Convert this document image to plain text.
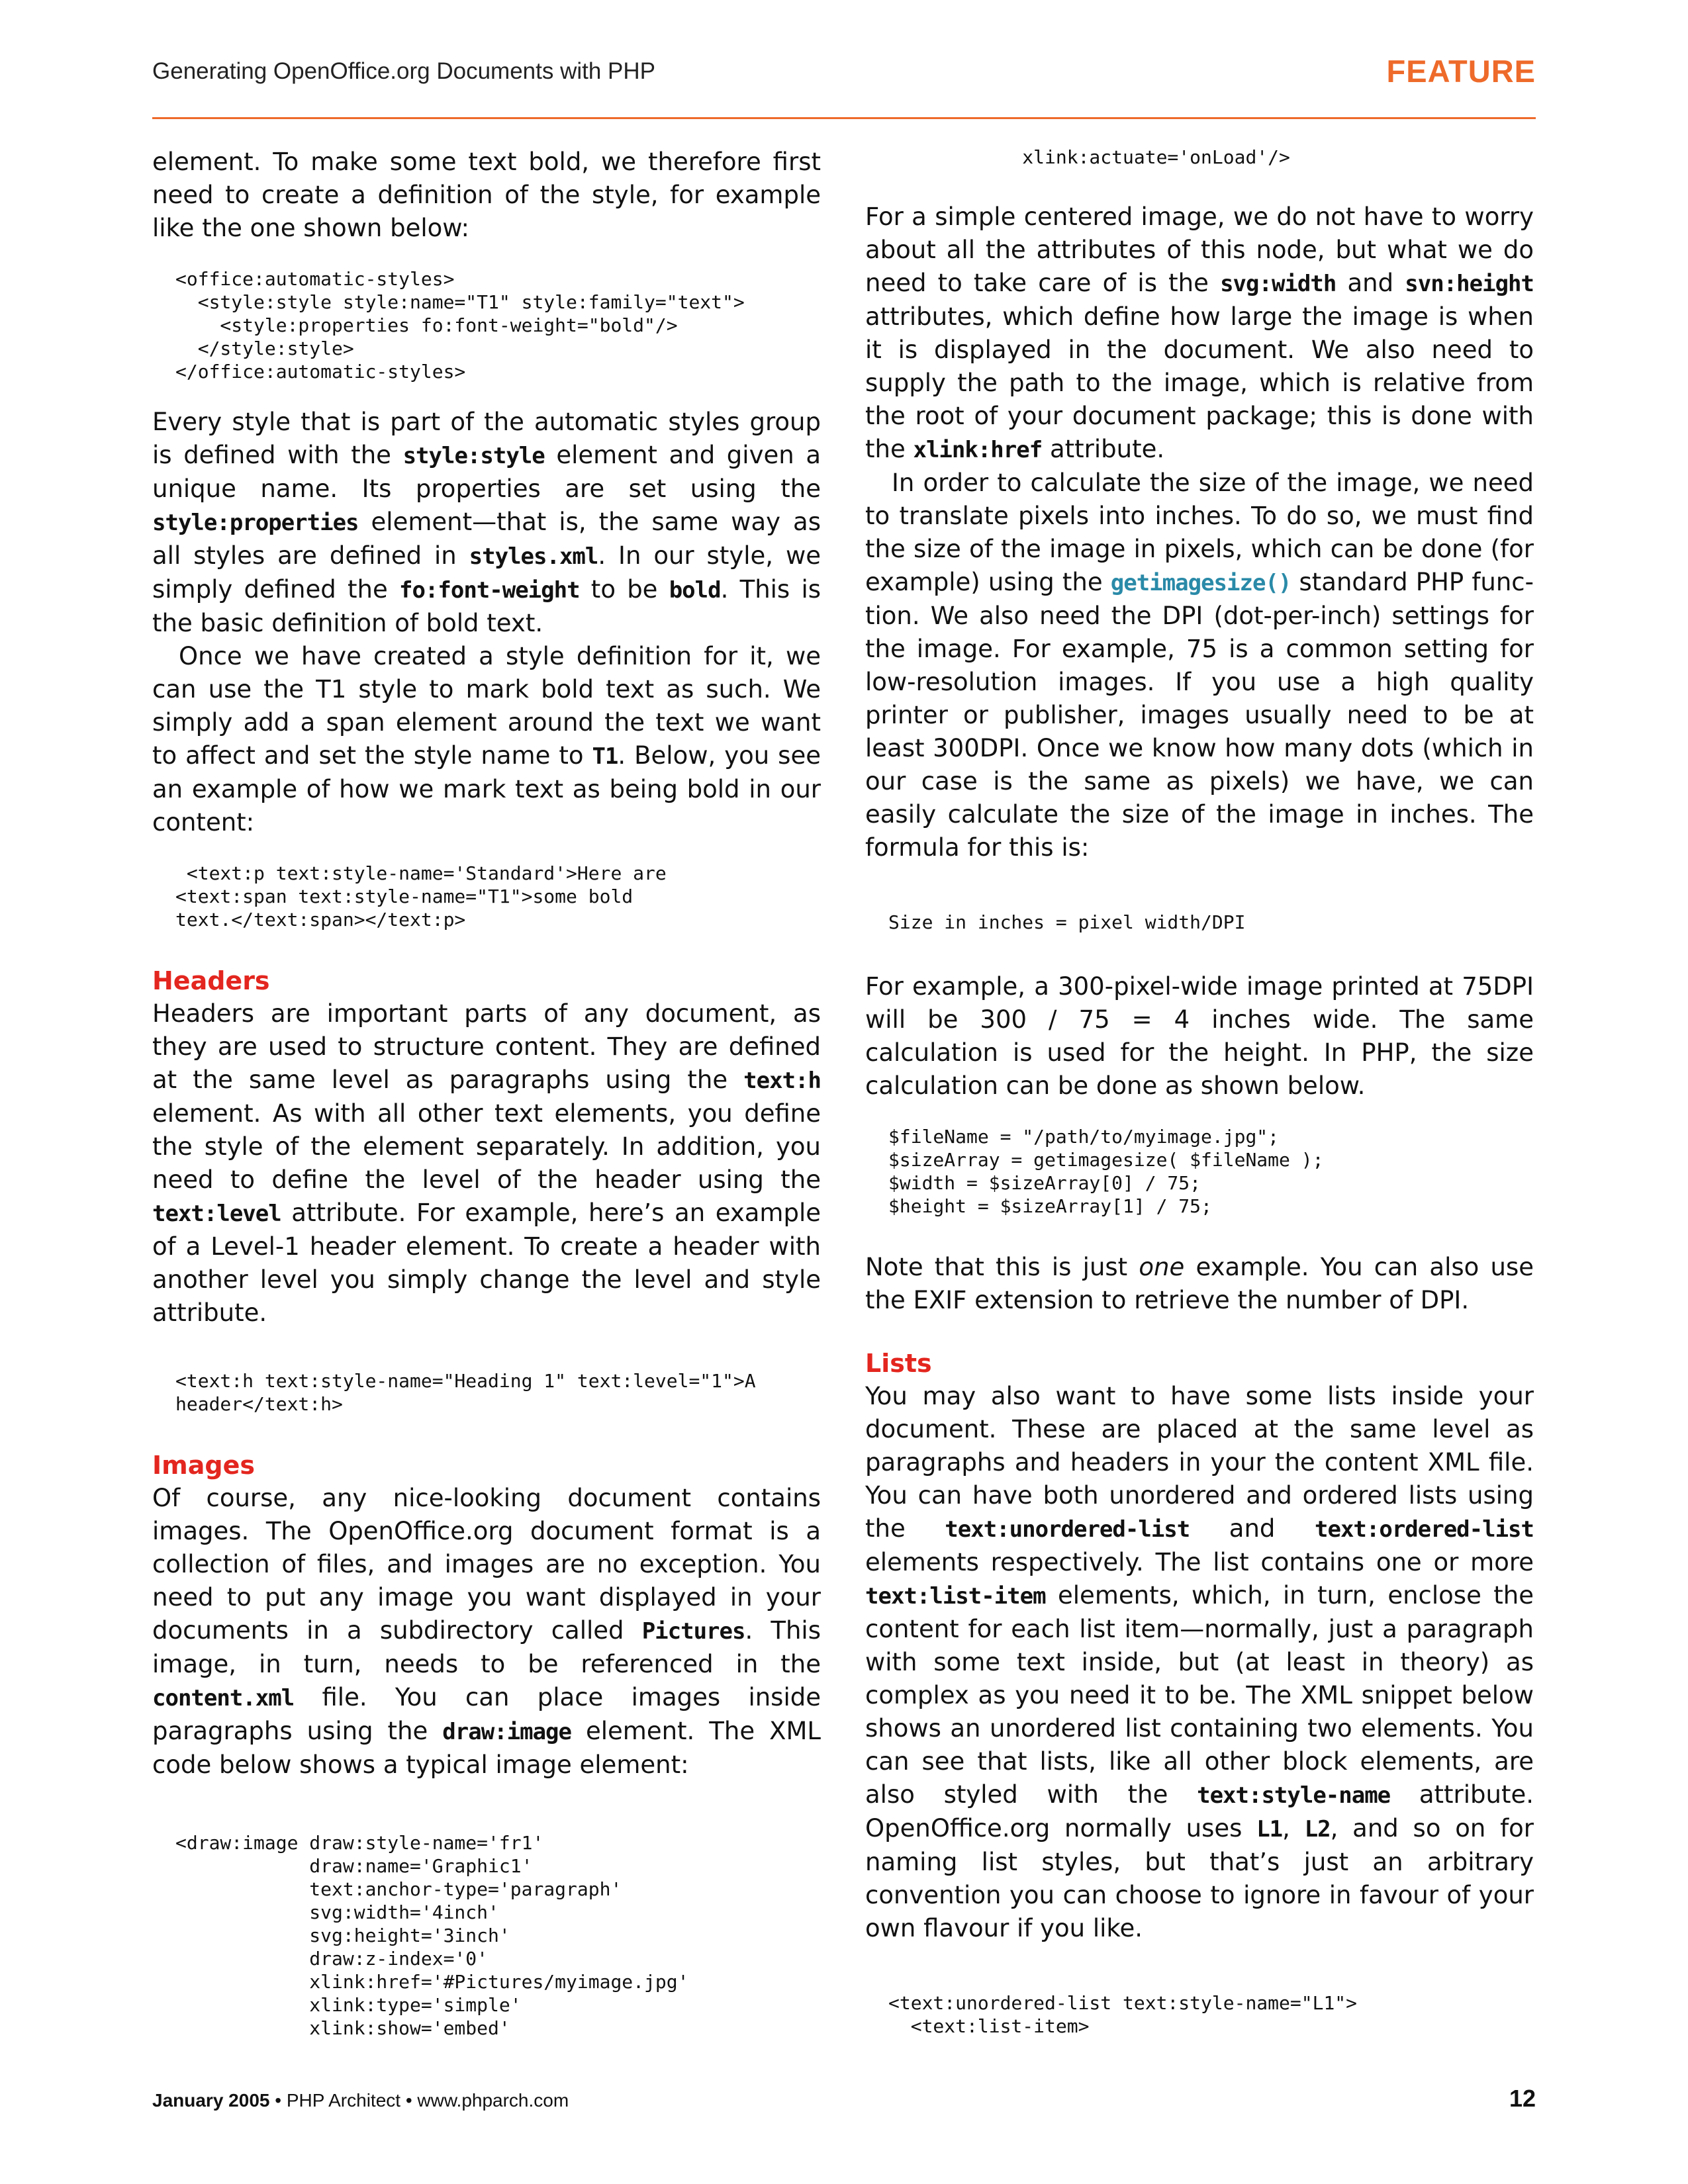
Generating OpenOffice.org Documents with PHP	FEATURE

element. To make some text bold, we therefore first need to create a definition of the style, for example like the one shown below:

<office:automatic-styles>
<style:style style:name="T1" style:family="text">
<style:properties fo:font-weight="bold"/>
</style:style>
</office:automatic-styles>

Every style that is part of the automatic styles group is defined with the style:style element and given a unique name. Its properties are set using the style:properties element—that is, the same way as all styles are defined in styles.xml. In our style, we simply defined the fo:font-weight to be bold. This is the basic definition of bold text.

Once we have created a style definition for it, we can use the T1 style to mark bold text as such. We simply add a span element around the text we want to affect and set the style name to T1. Below, you see an example of how we mark text as being bold in our content:

<text:p text:style-name='Standard'>Here are
<text:span text:style-name="T1">some bold
text.</text:span></text:p>
Headers

Headers are important parts of any document, as they are used to structure content. They are defined at the same level as paragraphs using the text:h element. As with all other text elements, you define the style of the element separately. In addition, you need to define the level of the header using the text:level attribute. For example, here’s an example of a Level-1 header element. To create a header with another level you simply change the level and style attribute.

<text:h text:style-name="Heading 1" text:level="1">A
header</text:h>
Images

Of course, any nice-looking document contains images. The OpenOffice.org document format is a collection of files, and images are no exception. You need to put any image you want displayed in your documents in a subdirectory called Pictures. This image, in turn, needs to be referenced in the content.xml file. You can place images inside paragraphs using the draw:image element. The XML code below shows a typical image element:

<draw:image draw:style-name='fr1'
draw:name='Graphic1'
text:anchor-type='paragraph'
svg:width='4inch'
svg:height='3inch'
draw:z-index='0'
xlink:href='#Pictures/myimage.jpg'
xlink:type='simple'
xlink:show='embed'
xlink:actuate='onLoad'/>

For a simple centered image, we do not have to worry about all the attributes of this node, but what we do need to take care of is the svg:width and svn:height attributes, which define how large the image is when it is displayed in the document. We also need to supply the path to the image, which is relative from the root of your document package; this is done with the xlink:href attribute.

In order to calculate the size of the image, we need to translate pixels into inches. To do so, we must find the size of the image in pixels, which can be done (for example) using the getimagesize() standard PHP function. We also need the DPI (dot-per-inch) settings for the image. For example, 75 is a common setting for low-resolution images. If you use a high quality printer or publisher, images usually need to be at least 300DPI. Once we know how many dots (which in our case is the same as pixels) we have, we can easily calculate the size of the image in inches. The formula for this is:

Size in inches = pixel width/DPI

For example, a 300-pixel-wide image printed at 75DPI will be 300 / 75 = 4 inches wide. The same calculation is used for the height. In PHP, the size calculation can be done as shown below.

$fileName = "/path/to/myimage.jpg";
$sizeArray = getimagesize( $fileName );
$width = $sizeArray[0] / 75;
$height = $sizeArray[1] / 75;

Note that this is just one example. You can also use the EXIF extension to retrieve the number of DPI.

Lists

You may also want to have some lists inside your document. These are placed at the same level as paragraphs and headers in your the content XML file. You can have both unordered and ordered lists using the text:unordered-list and text:ordered-list elements respectively. The list contains one or more text:list-item elements, which, in turn, enclose the content for each list item—normally, just a paragraph with some text inside, but (at least in theory) as complex as you need it to be. The XML snippet below shows an unordered list containing two elements. You can see that lists, like all other block elements, are also styled with the text:style-name attribute. OpenOffice.org normally uses L1, L2, and so on for naming list styles, but that’s just an arbitrary convention you can choose to ignore in favour of your own flavour if you like.

<text:unordered-list text:style-name="L1">
<text:list-item>
January 2005 • PHP Architect • www.phparch.com	12
